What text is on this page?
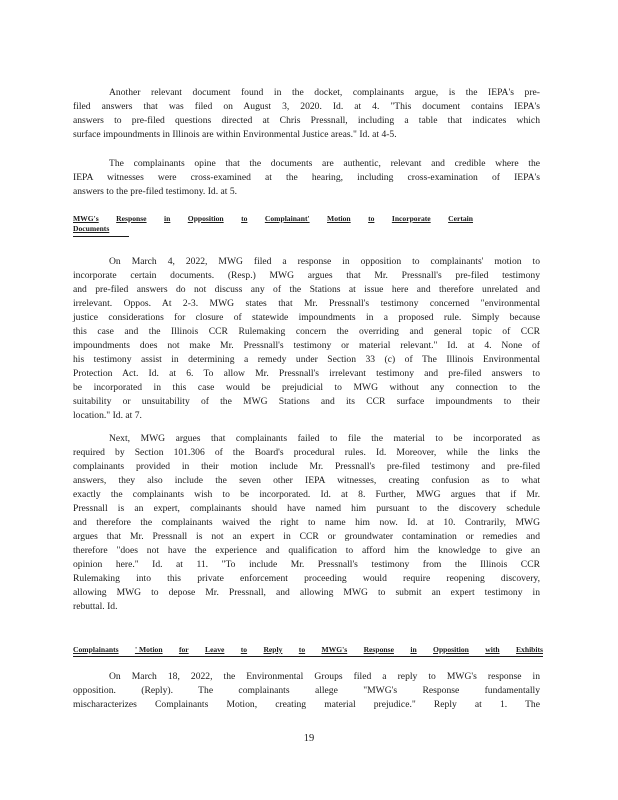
Another relevant document found in the docket, complainants argue, is the IEPA's pre-
filed answers that was filed on August 3, 2020. Id. at 4. "This document contains IEPA's
answers to pre-filed questions directed at Chris Pressnall, including a table that indicates which
surface impoundments in Illinois are within Environmental Justice areas." Id. at 4-5.
The complainants opine that the documents are authentic, relevant and credible where the
IEPA witnesses were cross-examined at the hearing, including cross-examination of IEPA's
answers to the pre-filed testimony. Id. at 5.
MWG's Response in Opposition to Complainant' Motion to Incorporate Certain
Documents
On March 4, 2022, MWG filed a response in opposition to complainants' motion to
incorporate certain documents. (Resp.) MWG argues that Mr. Pressnall's pre-filed testimony
and pre-filed answers do not discuss any of the Stations at issue here and therefore unrelated and
irrelevant. Oppos. At 2-3. MWG states that Mr. Pressnall's testimony concerned "environmental
justice considerations for closure of statewide impoundments in a proposed rule. Simply because
this case and the Illinois CCR Rulemaking concern the overriding and general topic of CCR
impoundments does not make Mr. Pressnall's testimony or material relevant." Id. at 4. None of
his testimony assist in determining a remedy under Section 33 (c) of The Illinois Environmental
Protection Act. Id. at 6. To allow Mr. Pressnall's irrelevant testimony and pre-filed answers to
be incorporated in this case would be prejudicial to MWG without any connection to the
suitability or unsuitability of the MWG Stations and its CCR surface impoundments to their
location." Id. at 7.
Next, MWG argues that complainants failed to file the material to be incorporated as
required by Section 101.306 of the Board's procedural rules. Id. Moreover, while the links the
complainants provided in their motion include Mr. Pressnall's pre-filed testimony and pre-filed
answers, they also include the seven other IEPA witnesses, creating confusion as to what
exactly the complainants wish to be incorporated. Id. at 8. Further, MWG argues that if Mr.
Pressnall is an expert, complainants should have named him pursuant to the discovery schedule
and therefore the complainants waived the right to name him now. Id. at 10. Contrarily, MWG
argues that Mr. Pressnall is not an expert in CCR or groundwater contamination or remedies and
therefore "does not have the experience and qualification to afford him the knowledge to give an
opinion here." Id. at 11. "To include Mr. Pressnall's testimony from the Illinois CCR
Rulemaking into this private enforcement proceeding would require reopening discovery,
allowing MWG to depose Mr. Pressnall, and allowing MWG to submit an expert testimony in
rebuttal. Id.
Complainants ' Motion for Leave to Reply to MWG's Response in Opposition with Exhibits
On March 18, 2022, the Environmental Groups filed a reply to MWG's response in
opposition. (Reply). The complainants allege "MWG's Response fundamentally
mischaracterizes Complainants Motion, creating material prejudice." Reply at 1. The
19
